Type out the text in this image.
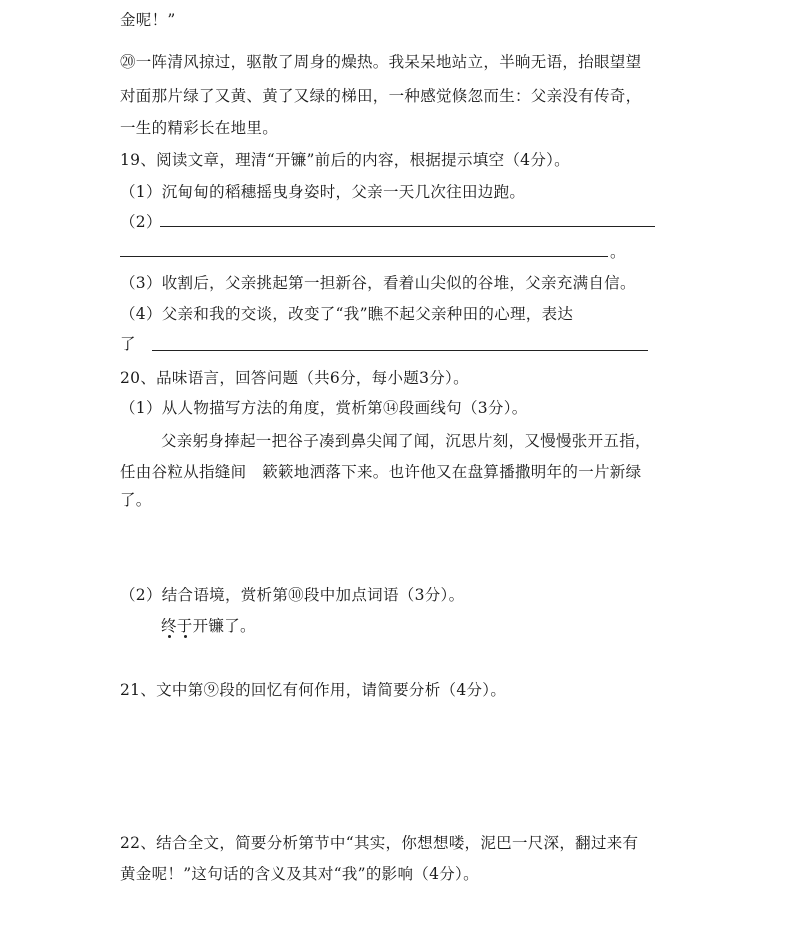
金呢！”
⑳一阵清风掠过，驱散了周身的燥热。我呆呆地站立，半晌无语，抬眼望望
对面那片绿了又黄、黄了又绿的梯田，一种感觉倏忽而生：父亲没有传奇，
一生的精彩长在地里。
19、阅读文章，理清“开镰”前后的内容，根据提示填空（4分）。
（1）沉甸甸的稻穗摇曳身姿时，父亲一天几次往田边跑。
（2）
。
（3）收割后，父亲挑起第一担新谷，看着山尖似的谷堆，父亲充满自信。
（4）父亲和我的交谈，改变了“我”瞧不起父亲种田的心理，表达
了
20、品味语言，回答问题（共6分，每小题3分）。
（1）从人物描写方法的角度，赏析第⑭段画线句（3分）。
父亲躬身捧起一把谷子凑到鼻尖闻了闻，沉思片刻，又慢慢张开五指，
任由谷粒从指缝间　簌簌地洒落下来。也许他又在盘算播撒明年的一片新绿
了。
（2）结合语境，赏析第⑩段中加点词语（3分）。
终于开镰了。
21、文中第⑨段的回忆有何作用，请简要分析（4分）。
22、结合全文，简要分析第节中“其实，你想想喽，泥巴一尺深，翻过来有
黄金呢！”这句话的含义及其对“我”的影响（4分）。
